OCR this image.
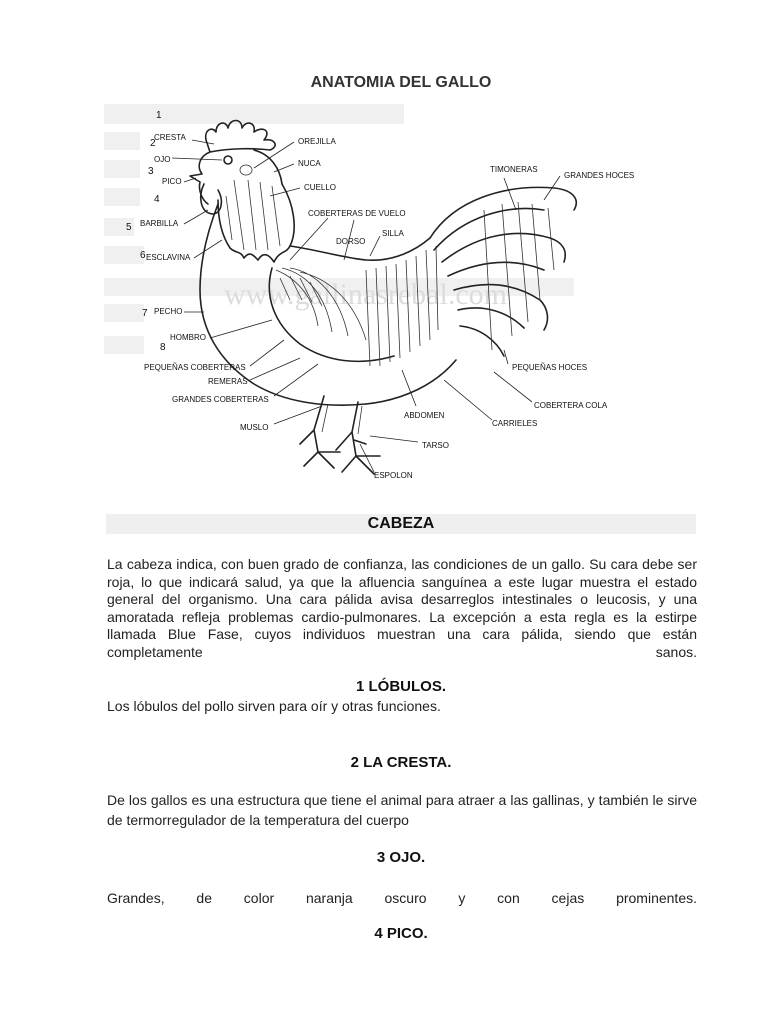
ANATOMIA DEL GALLO
www.gallinasrebal.com
1
2
3
4
5
6
7
8
CRESTA
OJO
PICO
BARBILLA
ESCLAVINA
PECHO
HOMBRO
PEQUEÑAS COBERTERAS
REMERAS
GRANDES COBERTERAS
MUSLO
OREJILLA
NUCA
CUELLO
COBERTERAS DE VUELO
SILLA
DORSO
TIMONERAS
GRANDES HOCES
PEQUEÑAS HOCES
COBERTERA COLA
ABDOMEN
CARRIELES
TARSO
ESPOLON
CABEZA

La cabeza indica, con buen grado de confianza, las condiciones de un gallo. Su cara debe ser roja, lo que indicará salud, ya que la afluencia sanguínea a este lugar muestra el estado general del organismo. Una cara pálida avisa desarreglos intestinales o leucosis, y una amoratada refleja problemas cardio-pulmonares. La excepción a esta regla es la estirpe llamada Blue Fase, cuyos individuos muestran una cara pálida, siendo que están completamente sanos.

1 LÓBULOS.

Los lóbulos del pollo sirven para oír y otras funciones.

2 LA CRESTA.

De los gallos es una estructura que tiene el animal para atraer a las gallinas, y también le sirve de termorregulador de la temperatura del cuerpo

3 OJO.

Grandes, de color naranja oscuro y con cejas prominentes.

4 PICO.
